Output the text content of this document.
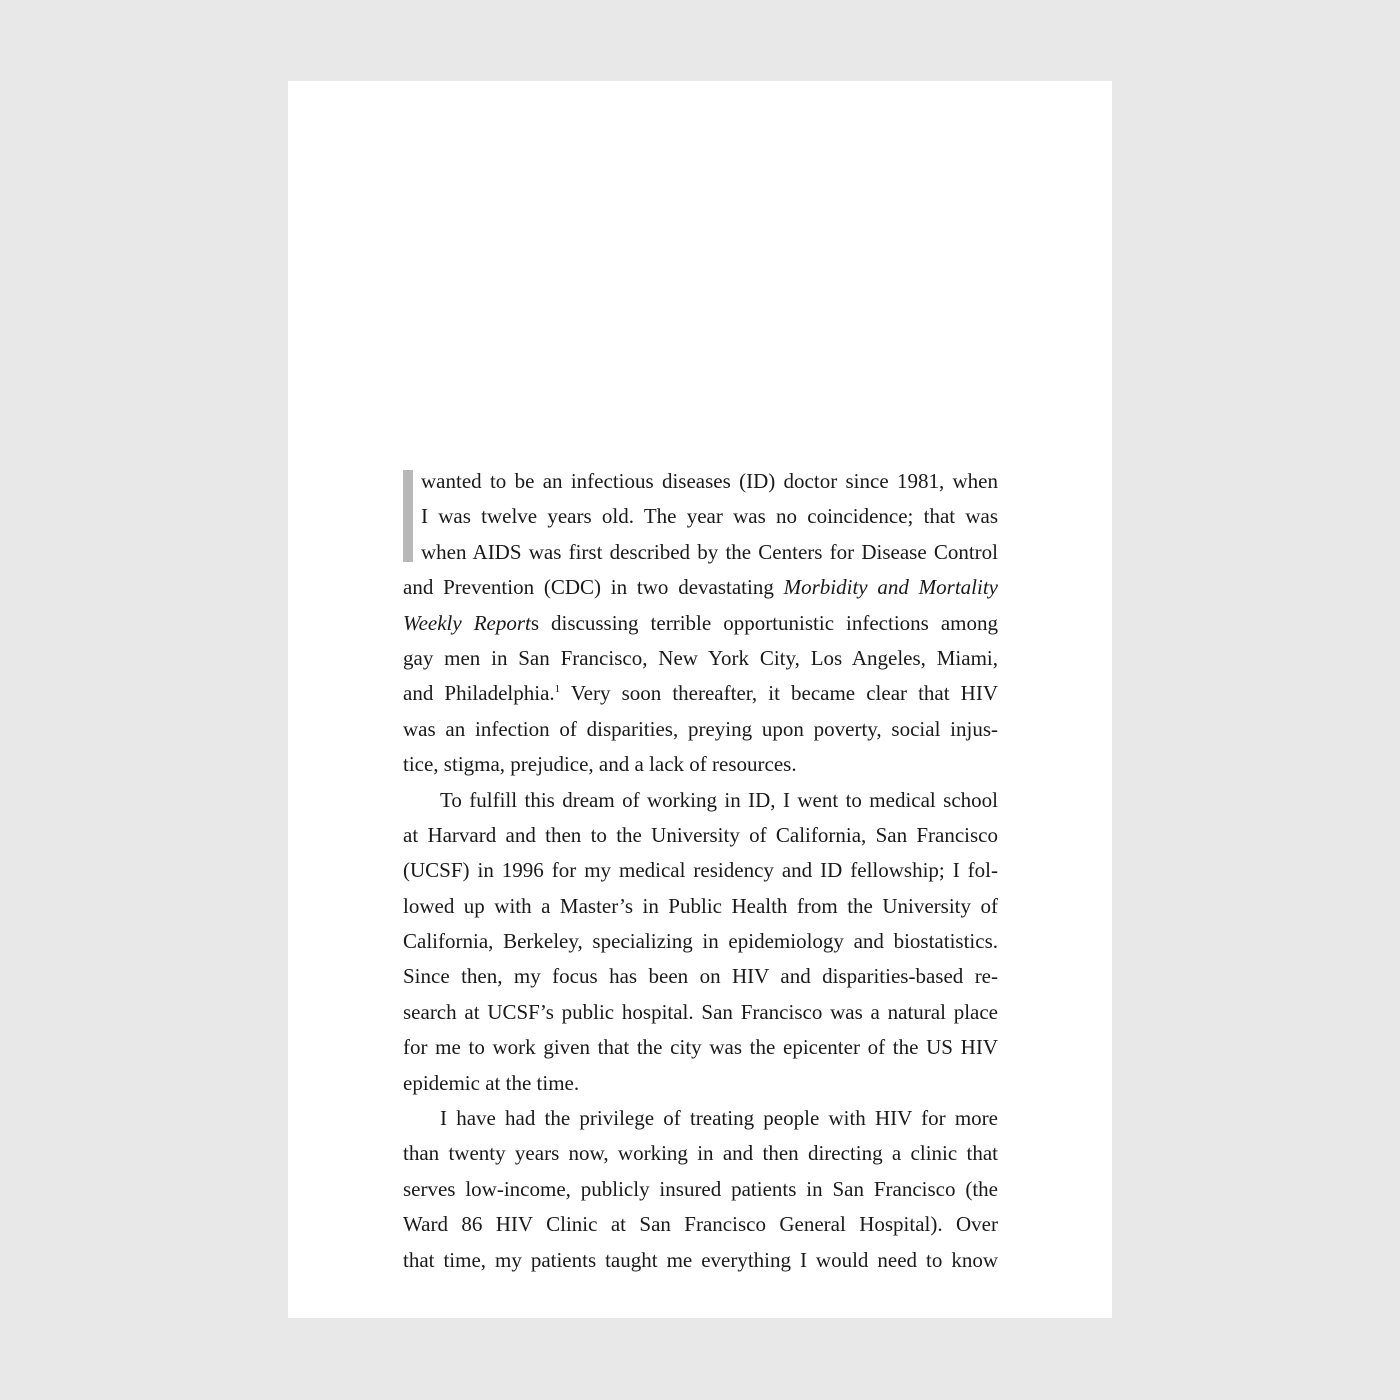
wanted to be an infectious diseases (ID) doctor since 1981, when
I was twelve years old. The year was no coincidence; that was
when AIDS was first described by the Centers for Disease Control
and Prevention (CDC) in two devastating Morbidity and Mortality
Weekly Reports discussing terrible opportunistic infections among
gay men in San Francisco, New York City, Los Angeles, Miami,
and Philadelphia.$^1$ Very soon thereafter, it became clear that HIV
was an infection of disparities, preying upon poverty, social injus-
tice, stigma, prejudice, and a lack of resources.
To fulfill this dream of working in ID, I went to medical school
at Harvard and then to the University of California, San Francisco
(UCSF) in 1996 for my medical residency and ID fellowship; I fol-
lowed up with a Master’s in Public Health from the University of
California, Berkeley, specializing in epidemiology and biostatistics.
Since then, my focus has been on HIV and disparities-based re-
search at UCSF’s public hospital. San Francisco was a natural place
for me to work given that the city was the epicenter of the US HIV
epidemic at the time.
I have had the privilege of treating people with HIV for more
than twenty years now, working in and then directing a clinic that
serves low-income, publicly insured patients in San Francisco (the
Ward 86 HIV Clinic at San Francisco General Hospital). Over
that time, my patients taught me everything I would need to know
